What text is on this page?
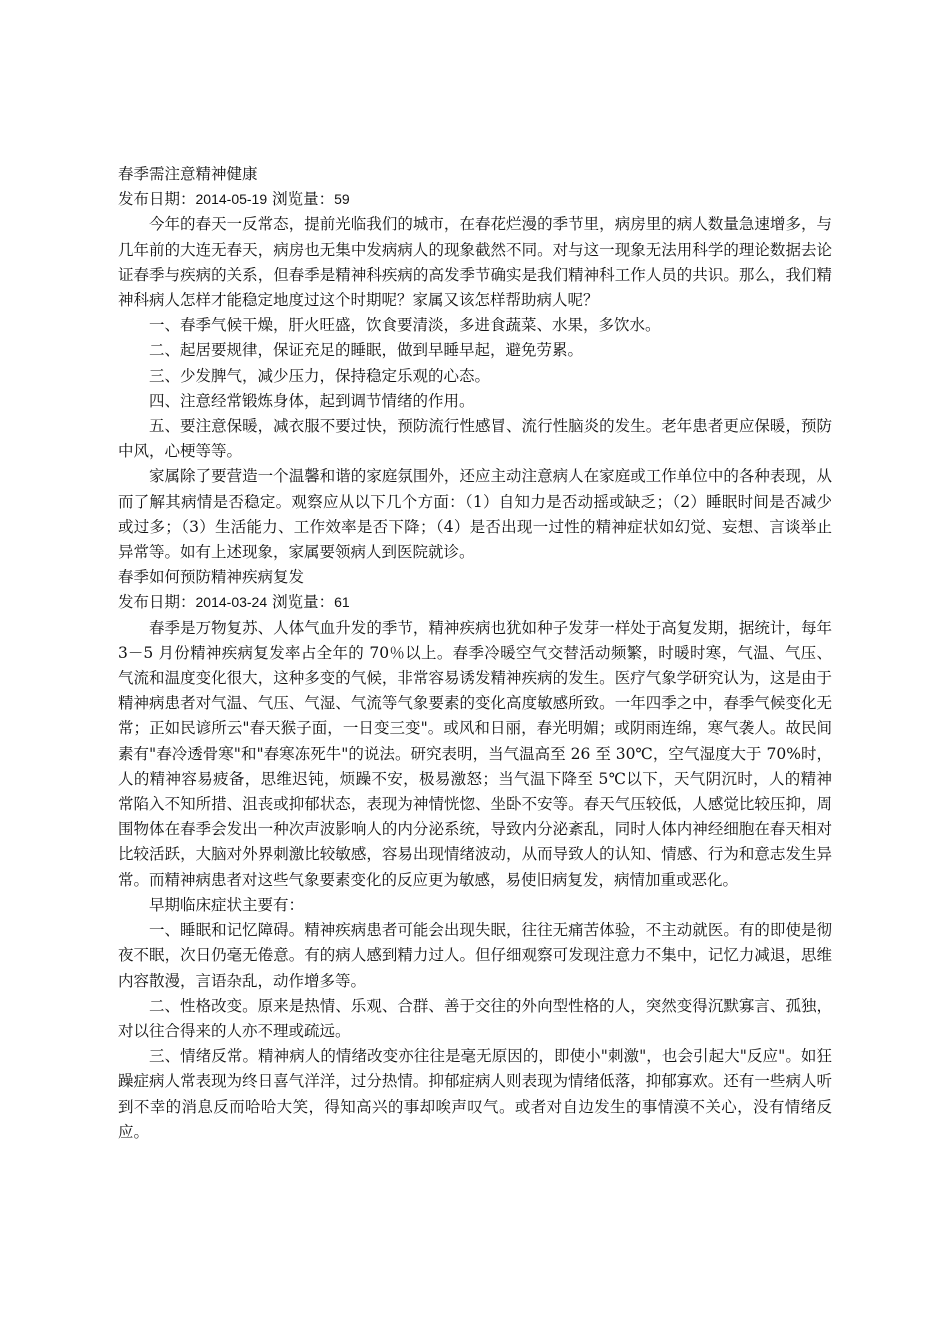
春季需注意精神健康

发布日期：2014-05-19 浏览量：59

今年的春天一反常态，提前光临我们的城市，在春花烂漫的季节里，病房里的病人数量急速增多，与几年前的大连无春天，病房也无集中发病病人的现象截然不同。对与这一现象无法用科学的理论数据去论证春季与疾病的关系，但春季是精神科疾病的高发季节确实是我们精神科工作人员的共识。那么，我们精神科病人怎样才能稳定地度过这个时期呢？家属又该怎样帮助病人呢？

一、春季气候干燥，肝火旺盛，饮食要清淡，多进食蔬菜、水果，多饮水。

二、起居要规律，保证充足的睡眠，做到早睡早起，避免劳累。

三、少发脾气，减少压力，保持稳定乐观的心态。

四、注意经常锻炼身体，起到调节情绪的作用。

五、要注意保暖，减衣服不要过快，预防流行性感冒、流行性脑炎的发生。老年患者更应保暖，预防中风，心梗等等。

家属除了要营造一个温馨和谐的家庭氛围外，还应主动注意病人在家庭或工作单位中的各种表现，从而了解其病情是否稳定。观察应从以下几个方面：（1）自知力是否动摇或缺乏；（2）睡眠时间是否减少或过多；（3）生活能力、工作效率是否下降；（4）是否出现一过性的精神症状如幻觉、妄想、言谈举止异常等。如有上述现象，家属要领病人到医院就诊。

春季如何预防精神疾病复发

发布日期：2014-03-24 浏览量：61

春季是万物复苏、人体气血升发的季节，精神疾病也犹如种子发芽一样处于高复发期，据统计，每年 3－5 月份精神疾病复发率占全年的 70％以上。春季冷暖空气交替活动频繁，时暖时寒，气温、气压、气流和温度变化很大，这种多变的气候，非常容易诱发精神疾病的发生。医疗气象学研究认为，这是由于精神病患者对气温、气压、气湿、气流等气象要素的变化高度敏感所致。一年四季之中，春季气候变化无常；正如民谚所云"春天猴子面，一日变三变"。或风和日丽，春光明媚；或阴雨连绵，寒气袭人。故民间素有"春冷透骨寒"和"春寒冻死牛"的说法。研究表明，当气温高至 26 至 30℃，空气湿度大于 70%时，人的精神容易疲备，思维迟钝，烦躁不安，极易激怒；当气温下降至 5℃以下，天气阴沉时，人的精神常陷入不知所措、沮丧或抑郁状态，表现为神情恍惚、坐卧不安等。春天气压较低，人感觉比较压抑，周围物体在春季会发出一种次声波影响人的内分泌系统，导致内分泌紊乱，同时人体内神经细胞在春天相对比较活跃，大脑对外界刺激比较敏感，容易出现情绪波动，从而导致人的认知、情感、行为和意志发生异常。而精神病患者对这些气象要素变化的反应更为敏感，易使旧病复发，病情加重或恶化。

早期临床症状主要有：

一、睡眠和记忆障碍。精神疾病患者可能会出现失眠，往往无痛苦体验，不主动就医。有的即使是彻夜不眠，次日仍毫无倦意。有的病人感到精力过人。但仔细观察可发现注意力不集中，记忆力减退，思维内容散漫，言语杂乱，动作增多等。

二、性格改变。原来是热情、乐观、合群、善于交往的外向型性格的人，突然变得沉默寡言、孤独，对以往合得来的人亦不理或疏远。

三、情绪反常。精神病人的情绪改变亦往往是毫无原因的，即使小"刺激"，也会引起大"反应"。如狂躁症病人常表现为终日喜气洋洋，过分热情。抑郁症病人则表现为情绪低落，抑郁寡欢。还有一些病人听到不幸的消息反而哈哈大笑，得知高兴的事却唉声叹气。或者对自边发生的事情漠不关心，没有情绪反应。
